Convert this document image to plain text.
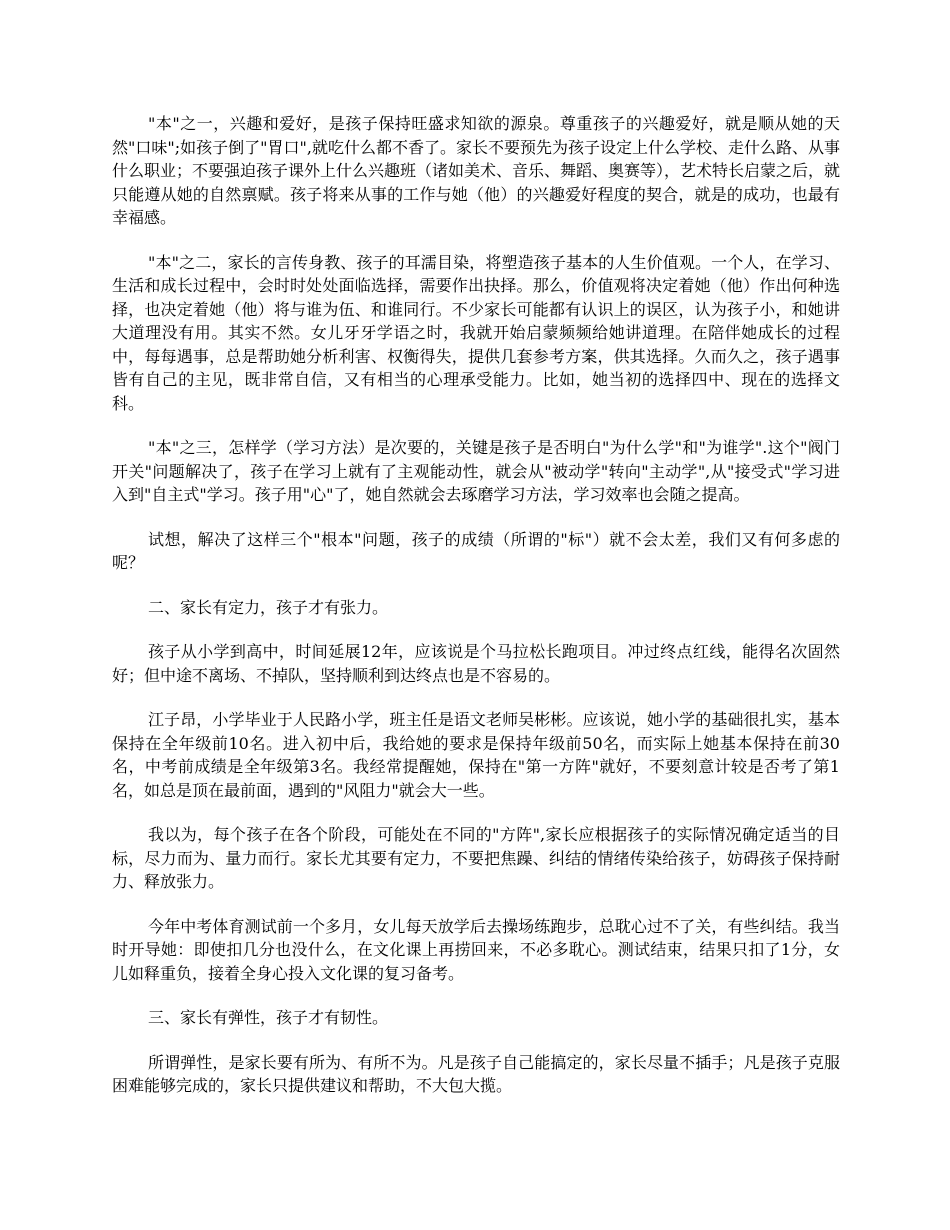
"本"之一，兴趣和爱好，是孩子保持旺盛求知欲的源泉。尊重孩子的兴趣爱好，就是顺从她的天然"口味";如孩子倒了"胃口",就吃什么都不香了。家长不要预先为孩子设定上什么学校、走什么路、从事什么职业；不要强迫孩子课外上什么兴趣班（诸如美术、音乐、舞蹈、奥赛等），艺术特长启蒙之后，就只能遵从她的自然禀赋。孩子将来从事的工作与她（他）的兴趣爱好程度的契合，就是的成功，也最有幸福感。

"本"之二，家长的言传身教、孩子的耳濡目染，将塑造孩子基本的人生价值观。一个人，在学习、生活和成长过程中，会时时处处面临选择，需要作出抉择。那么，价值观将决定着她（他）作出何种选择，也决定着她（他）将与谁为伍、和谁同行。不少家长可能都有认识上的误区，认为孩子小，和她讲大道理没有用。其实不然。女儿牙牙学语之时，我就开始启蒙频频给她讲道理。在陪伴她成长的过程中，每每遇事，总是帮助她分析利害、权衡得失，提供几套参考方案，供其选择。久而久之，孩子遇事皆有自己的主见，既非常自信，又有相当的心理承受能力。比如，她当初的选择四中、现在的选择文科。

"本"之三，怎样学（学习方法）是次要的，关键是孩子是否明白"为什么学"和"为谁学".这个"阀门开关"问题解决了，孩子在学习上就有了主观能动性，就会从"被动学"转向"主动学",从"接受式"学习进入到"自主式"学习。孩子用"心"了，她自然就会去琢磨学习方法，学习效率也会随之提高。

试想，解决了这样三个"根本"问题，孩子的成绩（所谓的"标"）就不会太差，我们又有何多虑的呢？

二、家长有定力，孩子才有张力。

孩子从小学到高中，时间延展12年，应该说是个马拉松长跑项目。冲过终点红线，能得名次固然好；但中途不离场、不掉队，坚持顺利到达终点也是不容易的。

江子昂，小学毕业于人民路小学，班主任是语文老师吴彬彬。应该说，她小学的基础很扎实，基本保持在全年级前10名。进入初中后，我给她的要求是保持年级前50名，而实际上她基本保持在前30名，中考前成绩是全年级第3名。我经常提醒她，保持在"第一方阵"就好，不要刻意计较是否考了第1名，如总是顶在最前面，遇到的"风阻力"就会大一些。

我以为，每个孩子在各个阶段，可能处在不同的"方阵",家长应根据孩子的实际情况确定适当的目标，尽力而为、量力而行。家长尤其要有定力，不要把焦躁、纠结的情绪传染给孩子，妨碍孩子保持耐力、释放张力。

今年中考体育测试前一个多月，女儿每天放学后去操场练跑步，总耽心过不了关，有些纠结。我当时开导她：即使扣几分也没什么，在文化课上再捞回来，不必多耽心。测试结束，结果只扣了1分，女儿如释重负，接着全身心投入文化课的复习备考。

三、家长有弹性，孩子才有韧性。

所谓弹性，是家长要有所为、有所不为。凡是孩子自己能搞定的，家长尽量不插手；凡是孩子克服困难能够完成的，家长只提供建议和帮助，不大包大揽。
